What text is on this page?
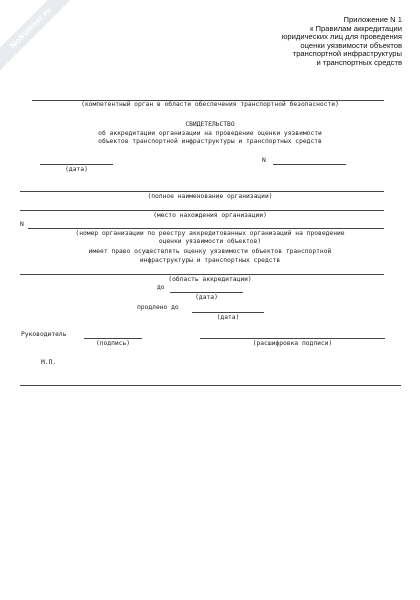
NoNumber.ru	Приложение N 1
к Правилам аккредитации
юридических лиц для проведения
оценки уязвимости объектов
транспортной инфраструктуры
и транспортных средств
(компетентный орган в области обеспечения транспортной безопасности)
СВИДЕТЕЛЬСТВО
об аккредитации организации на проведение оценки уязвимости
объектов транспортной инфраструктуры и транспортных средств
N
(дата)
(полное наименование организации)
(место нахождения организации)
N
(номер организации по реестру аккредитованных организаций на проведение
оценки уязвимости объектов)
имеет право осуществлять оценку уязвимости объектов транспортной
инфраструктуры и транспортных средств
(область аккредитации)
до
(дата)
продлено до
(дата)
Руководитель
(подпись)	(расшифровка подписи)
М.П.
